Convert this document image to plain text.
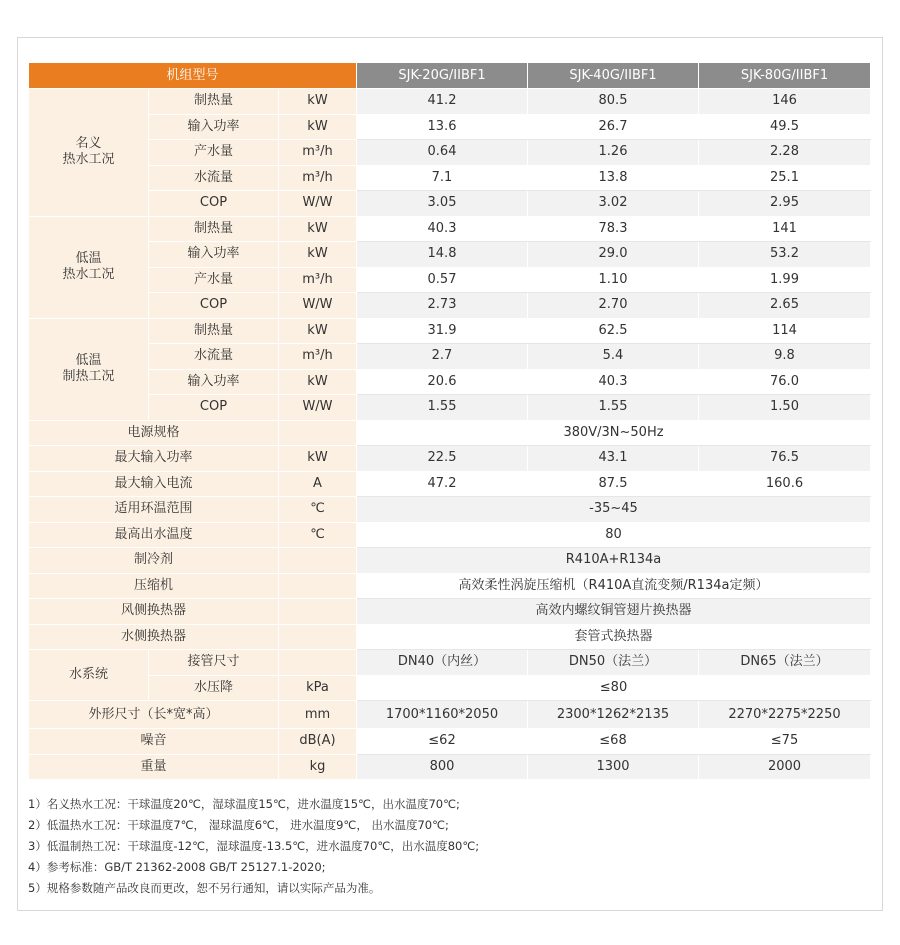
机组型号			SJK-20G/IIBF1	SJK-40G/IIBF1	SJK-80G/IIBF1
名义
热水工况	制热量	kW	41.2	80.5	146
	输入功率	kW	13.6	26.7	49.5
	产水量	m³/h	0.64	1.26	2.28
	水流量	m³/h	7.1	13.8	25.1
	COP	W/W	3.05	3.02	2.95
低温
热水工况	制热量	kW	40.3	78.3	141
	输入功率	kW	14.8	29.0	53.2
	产水量	m³/h	0.57	1.10	1.99
	COP	W/W	2.73	2.70	2.65
低温
制热工况	制热量	kW	31.9	62.5	114
	水流量	m³/h	2.7	5.4	9.8
	输入功率	kW	20.6	40.3	76.0
	COP	W/W	1.55	1.55	1.50
电源规格			380V/3N~50Hz		
最大输入功率		kW	22.5	43.1	76.5
最大输入电流		A	47.2	87.5	160.6
适用环温范围		℃	-35~45		
最高出水温度		℃	80		
制冷剂			R410A+R134a		
压缩机			高效柔性涡旋压缩机（R410A直流变频/R134a定频）		
风侧换热器			高效内螺纹铜管翅片换热器		
水侧换热器			套管式换热器		
水系统	接管尺寸		DN40（内丝）	DN50（法兰）	DN65（法兰）
	水压降	kPa	≤80		
外形尺寸（长*宽*高）		mm	1700*1160*2050	2300*1262*2135	2270*2275*2250
噪音		dB(A)	≤62	≤68	≤75
重量		kg	800	1300	2000
1）名义热水工况：干球温度20℃，湿球温度15℃，进水温度15℃，出水温度70℃;
2）低温热水工况：干球温度7℃， 湿球温度6℃， 进水温度9℃， 出水温度70℃;
3）低温制热工况：干球温度-12℃，湿球温度-13.5℃，进水温度70℃，出水温度80℃;
4）参考标准：GB/T 21362-2008 GB/T 25127.1-2020;
5）规格参数随产品改良而更改，恕不另行通知，请以实际产品为准。
